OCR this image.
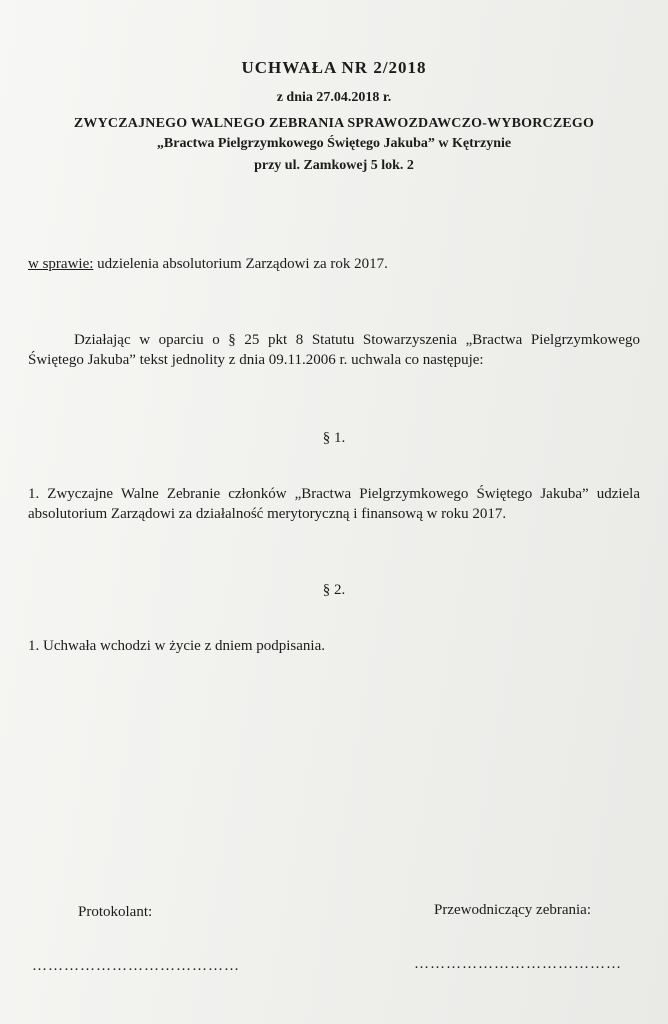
UCHWAŁA NR 2/2018
z dnia 27.04.2018 r.
ZWYCZAJNEGO WALNEGO ZEBRANIA SPRAWOZDAWCZO-WYBORCZEGO
„Bractwa Pielgrzymkowego Świętego Jakuba” w Kętrzynie
przy ul. Zamkowej 5 lok. 2
w sprawie: udzielenia absolutorium Zarządowi za rok 2017.
Działając w oparciu o § 25 pkt 8 Statutu Stowarzyszenia „Bractwa Pielgrzymkowego Świętego Jakuba” tekst jednolity z dnia 09.11.2006 r. uchwala co następuje:
§ 1.
1. Zwyczajne Walne Zebranie członków „Bractwa Pielgrzymkowego Świętego Jakuba” udziela absolutorium Zarządowi za działalność merytoryczną i finansową w roku 2017.
§ 2.
1. Uchwała wchodzi w życie z dniem podpisania.
Protokolant:	Przewodniczący zebrania:
…………………………………	…………………………………
